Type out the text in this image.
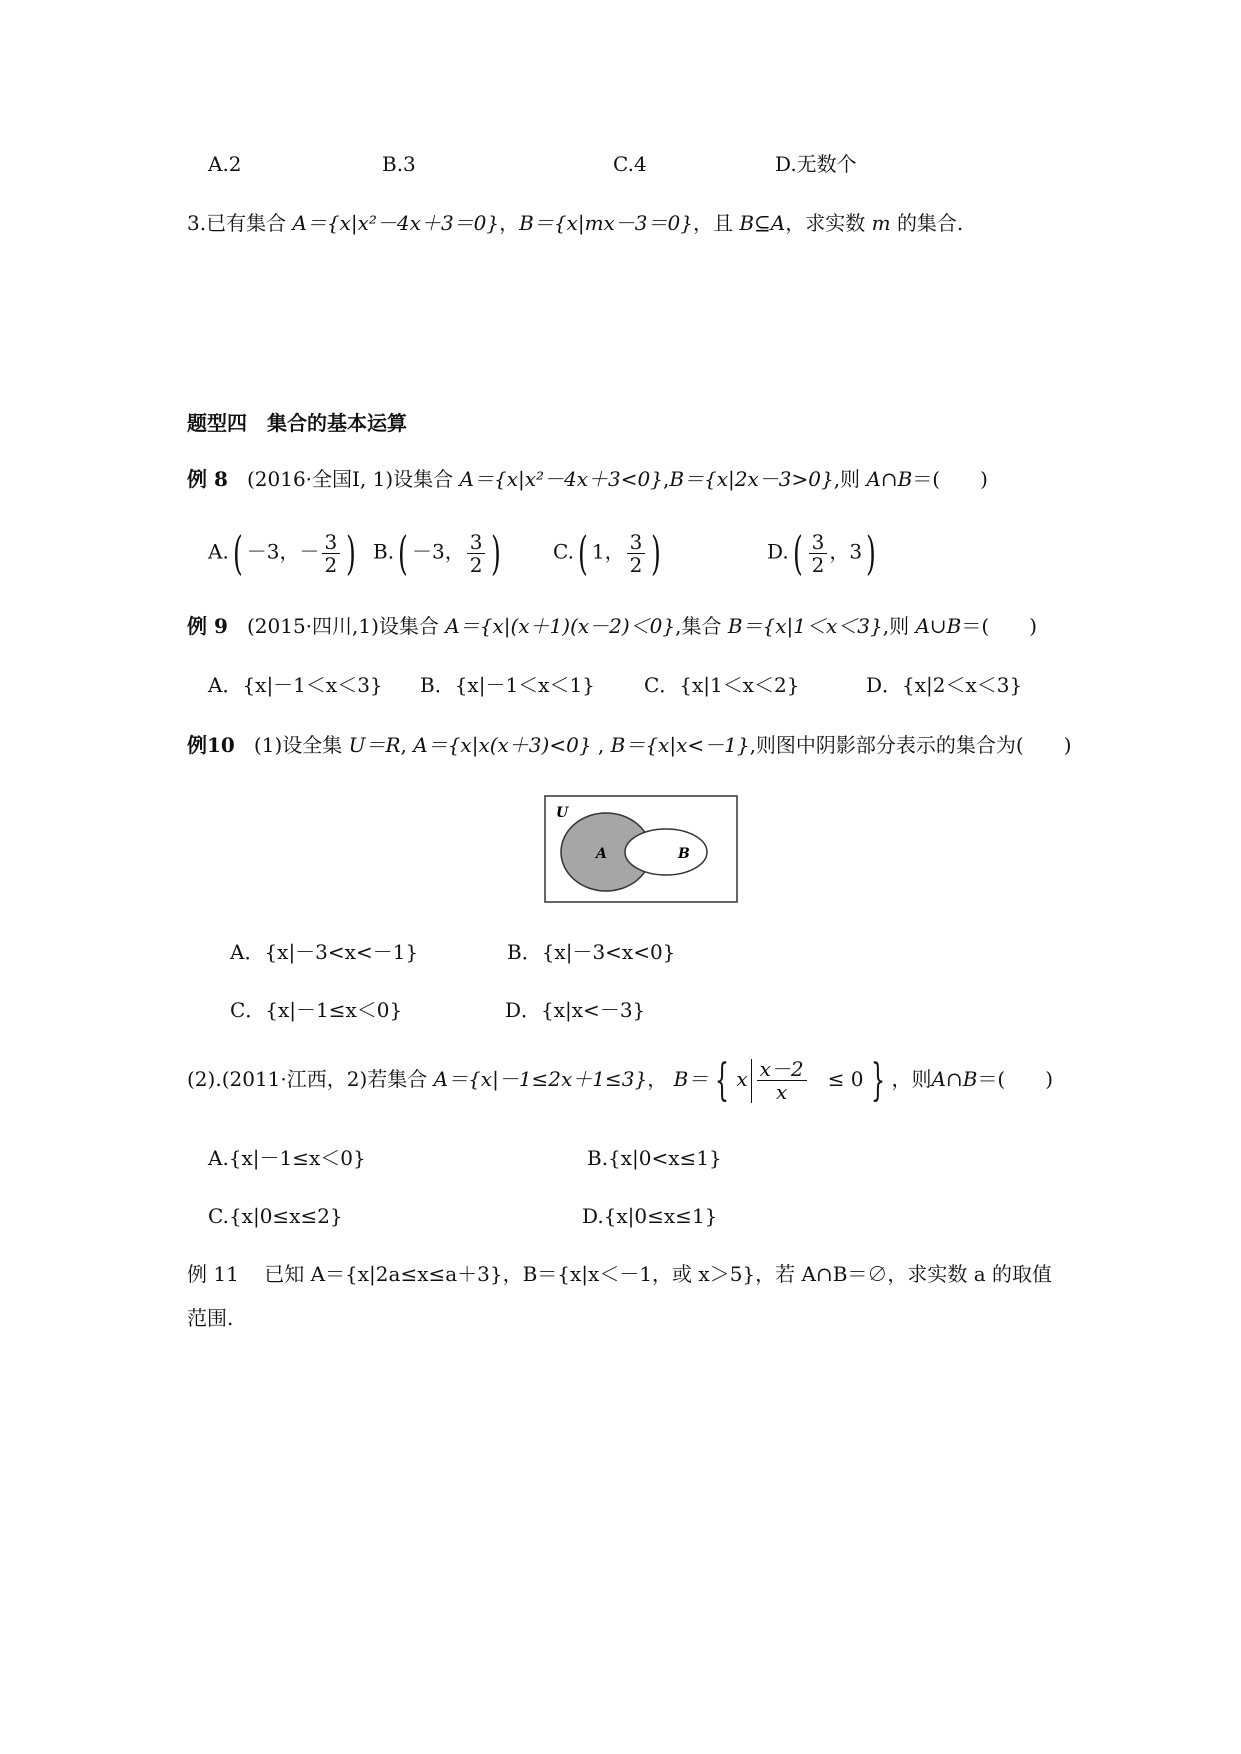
A.2	B.3	C.4	D.无数个
3.已有集合 A＝{x|x²－4x＋3＝0}，B＝{x|mx－3＝0}，且 B⊆A，求实数 m 的集合.
题型四　集合的基本运算
例 8 (2016·全国Ⅰ, 1)设集合 A＝{x|x²－4x＋3<0},B＝{x|2x－3>0},则 A∩B＝(　　)
A.( －3，－ $\frac{3}{2}$ ) B.( －3， $\frac{3}{2}$ )	C.( 1， $\frac{3}{2}$ )	$D.( \frac{3}{2}$ ，3)
例 9 (2015·四川,1)设集合 A＝{x|(x＋1)(x－2)＜0},集合 B＝{x|1＜x＜3},则 A∪B＝(　　)
A．{x|－1＜x＜3} B．{x|－1＜x＜1} C．{x|1＜x＜2}	D．{x|2＜x＜3}
例10 (1)设全集 U＝R, A＝{x|x(x＋3)<0} , B＝{x|x<－1},则图中阴影部分表示的集合为(　　)
U
A	B
A．{x|－3<x<－1}	B．{x|－3<x<0}
C．{x|－1≤x＜0}	D．{x|x<－3}
(2).(2011·江西，2)若集合 A＝{x|－1≤2x＋1≤3}， B＝ { x $\frac{x-2}{x} \le 0$ } ，则A∩B＝(　　)
A.{x|－1≤x＜0}	B.{x|0<x≤1}
C.{x|0≤x≤2}	D.{x|0≤x≤1}
例 11 已知 A＝{x|2a≤x≤a＋3}，B＝{x|x＜－1，或 x＞5}，若 A∩B＝∅，求实数 a 的取值
范围.
